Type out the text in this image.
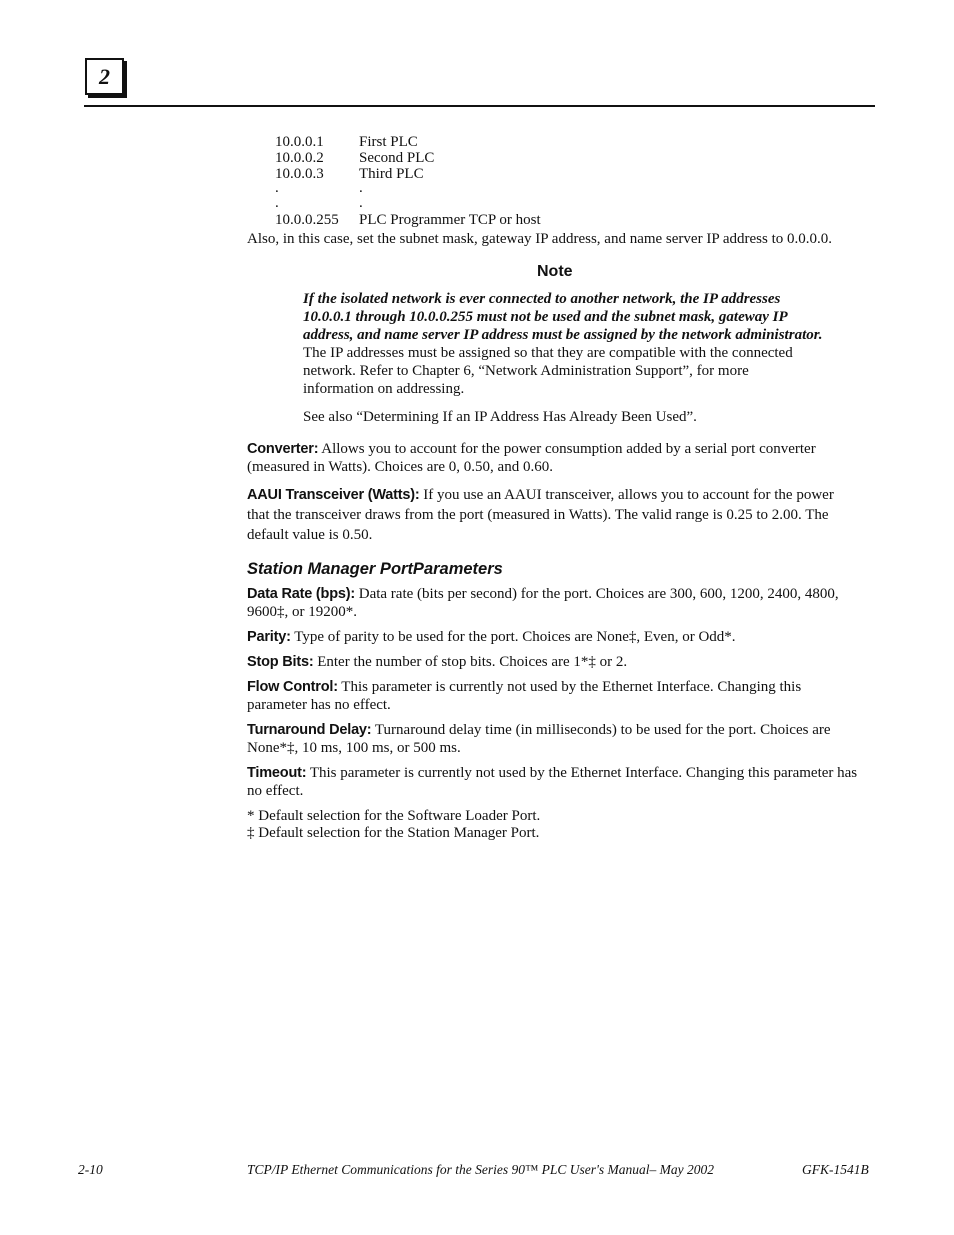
2
10.0.0.1 First PLC
10.0.0.2 Second PLC
10.0.0.3 Third PLC
.	.
.	.
10.0.0.255 PLC Programmer TCP or host
Also, in this case, set the subnet mask, gateway IP address, and name server IP address to 0.0.0.0.
Note
If the isolated network is ever connected to another network, the IP addresses 10.0.0.1 through 10.0.0.255 must not be used and the subnet mask, gateway IP address, and name server IP address must be assigned by the network administrator. The IP addresses must be assigned so that they are compatible with the connected network. Refer to Chapter 6, “Network Administration Support”, for more information on addressing.
See also “Determining If an IP Address Has Already Been Used”.
Converter: Allows you to account for the power consumption added by a serial port converter (measured in Watts). Choices are 0, 0.50, and 0.60.
AAUI Transceiver (Watts): If you use an AAUI transceiver, allows you to account for the power that the transceiver draws from the port (measured in Watts). The valid range is 0.25 to 2.00. The default value is 0.50.
Station Manager PortParameters
Data Rate (bps): Data rate (bits per second) for the port. Choices are 300, 600, 1200, 2400, 4800, 9600‡, or 19200*.
Parity: Type of parity to be used for the port. Choices are None‡, Even, or Odd*.
Stop Bits: Enter the number of stop bits. Choices are 1*‡ or 2.
Flow Control: This parameter is currently not used by the Ethernet Interface. Changing this parameter has no effect.
Turnaround Delay: Turnaround delay time (in milliseconds) to be used for the port. Choices are None*‡, 10 ms, 100 ms, or 500 ms.
Timeout: This parameter is currently not used by the Ethernet Interface. Changing this parameter has no effect.
* Default selection for the Software Loader Port.
‡ Default selection for the Station Manager Port.
2-10	TCP/IP Ethernet Communications for the Series 90™ PLC User's Manual– May 2002	GFK-1541B
